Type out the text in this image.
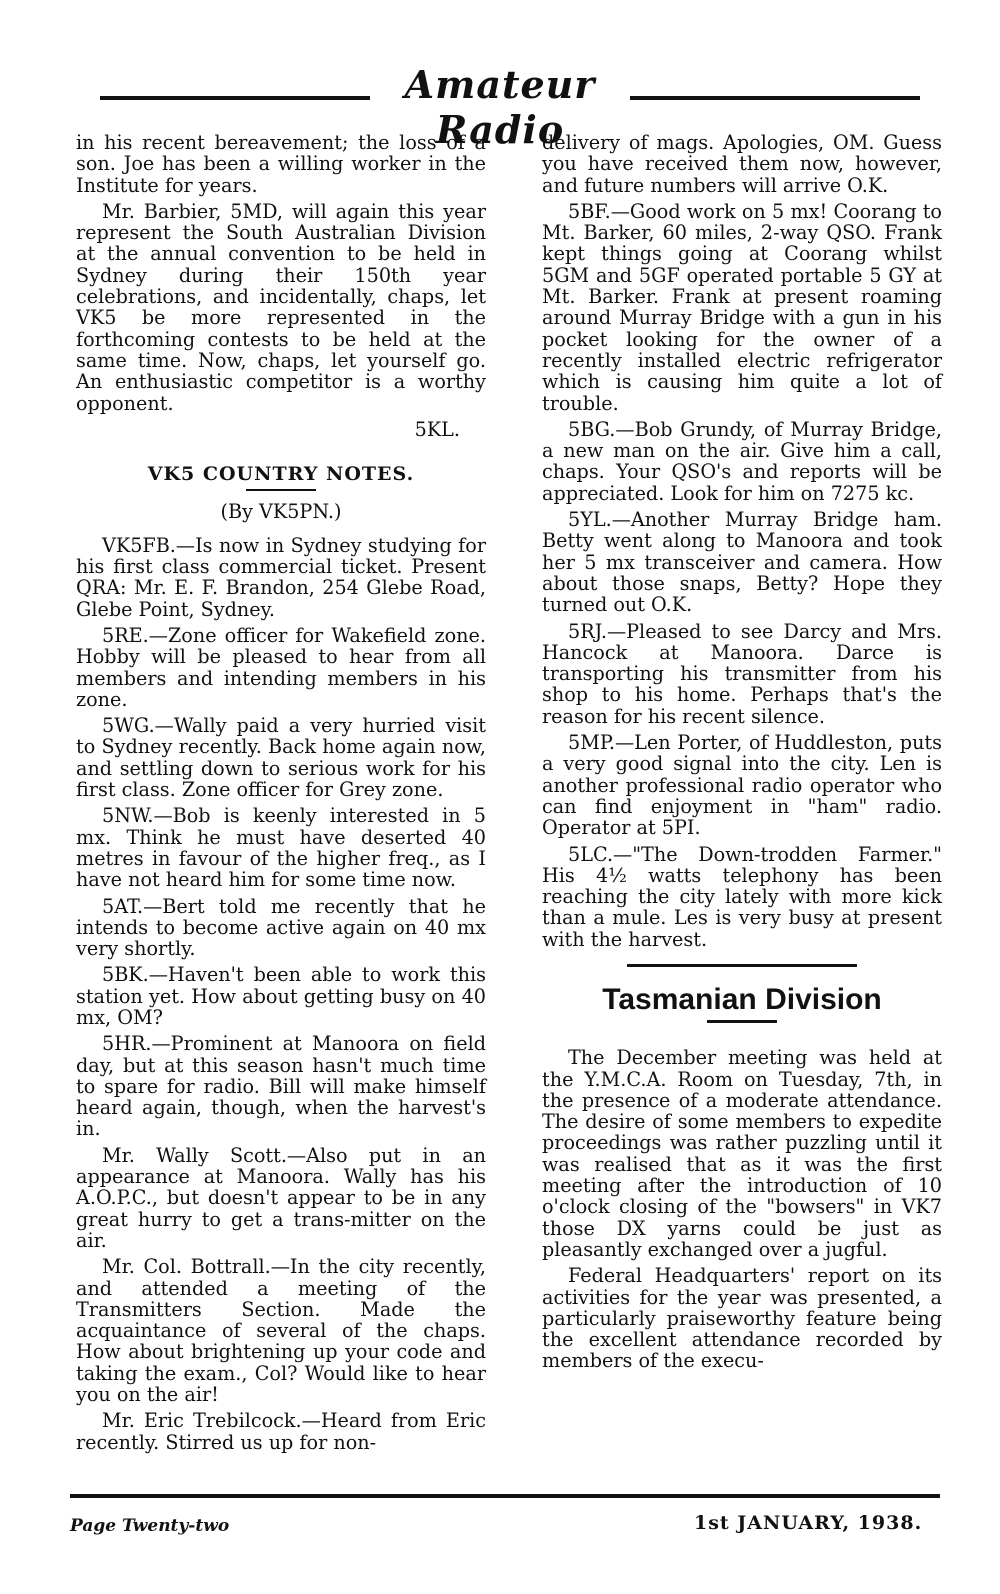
Amateur Radio

in his recent bereavement; the loss of a son. Joe has been a willing worker in the Institute for years.

Mr. Barbier, 5MD, will again this year represent the South Australian Division at the annual convention to be held in Sydney during their 150th year celebrations, and incidentally, chaps, let VK5 be more represented in the forthcoming contests to be held at the same time. Now, chaps, let yourself go. An enthusiastic competitor is a worthy opponent.

5KL.
VK5 COUNTRY NOTES.
(By VK5PN.)

VK5FB.—Is now in Sydney studying for his first class commercial ticket. Present QRA: Mr. E. F. Brandon, 254 Glebe Road, Glebe Point, Sydney.

5RE.—Zone officer for Wakefield zone. Hobby will be pleased to hear from all members and intending members in his zone.

5WG.—Wally paid a very hurried visit to Sydney recently. Back home again now, and settling down to serious work for his first class. Zone officer for Grey zone.

5NW.—Bob is keenly interested in 5 mx. Think he must have deserted 40 metres in favour of the higher freq., as I have not heard him for some time now.

5AT.—Bert told me recently that he intends to become active again on 40 mx very shortly.

5BK.—Haven't been able to work this station yet. How about getting busy on 40 mx, OM?

5HR.—Prominent at Manoora on field day, but at this season hasn't much time to spare for radio. Bill will make himself heard again, though, when the harvest's in.

Mr. Wally Scott.—Also put in an appearance at Manoora. Wally has his A.O.P.C., but doesn't appear to be in any great hurry to get a trans-mitter on the air.

Mr. Col. Bottrall.—In the city recently, and attended a meeting of the Transmitters Section. Made the acquaintance of several of the chaps. How about brightening up your code and taking the exam., Col? Would like to hear you on the air!

Mr. Eric Trebilcock.—Heard from Eric recently. Stirred us up for non-

delivery of mags. Apologies, OM. Guess you have received them now, however, and future numbers will arrive O.K.

5BF.—Good work on 5 mx! Coorang to Mt. Barker, 60 miles, 2-way QSO. Frank kept things going at Coorang whilst 5GM and 5GF operated portable 5 GY at Mt. Barker. Frank at present roaming around Murray Bridge with a gun in his pocket looking for the owner of a recently installed electric refrigerator which is causing him quite a lot of trouble.

5BG.—Bob Grundy, of Murray Bridge, a new man on the air. Give him a call, chaps. Your QSO's and reports will be appreciated. Look for him on 7275 kc.

5YL.—Another Murray Bridge ham. Betty went along to Manoora and took her 5 mx transceiver and camera. How about those snaps, Betty? Hope they turned out O.K.

5RJ.—Pleased to see Darcy and Mrs. Hancock at Manoora. Darce is transporting his transmitter from his shop to his home. Perhaps that's the reason for his recent silence.

5MP.—Len Porter, of Huddleston, puts a very good signal into the city. Len is another professional radio operator who can find enjoyment in "ham" radio. Operator at 5PI.

5LC.—"The Down-trodden Farmer." His 4½ watts telephony has been reaching the city lately with more kick than a mule. Les is very busy at present with the harvest.

Tasmanian Division

The December meeting was held at the Y.M.C.A. Room on Tuesday, 7th, in the presence of a moderate attendance. The desire of some members to expedite proceedings was rather puzzling until it was realised that as it was the first meeting after the introduction of 10 o'clock closing of the "bowsers" in VK7 those DX yarns could be just as pleasantly exchanged over a jugful.

Federal Headquarters' report on its activities for the year was presented, a particularly praiseworthy feature being the excellent attendance recorded by members of the execu-

Page Twenty-two	1st JANUARY, 1938.
